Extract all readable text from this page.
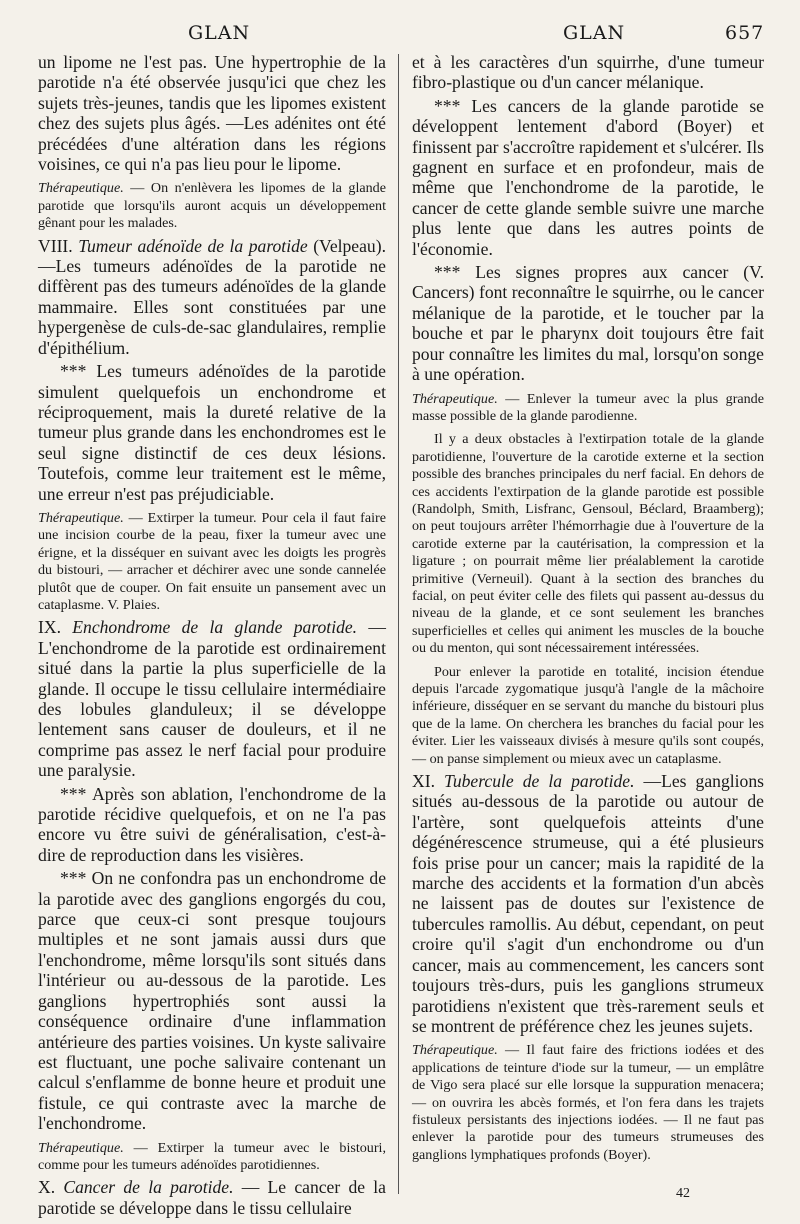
GLAN	GLAN	657

un lipome ne l'est pas. Une hypertrophie de la parotide n'a été observée jusqu'ici que chez les sujets très-jeunes, tandis que les lipomes existent chez des sujets plus âgés. —Les adénites ont été précédées d'une altération dans les régions voisines, ce qui n'a pas lieu pour le lipome.

Thérapeutique. — On n'enlèvera les lipomes de la glande parotide que lorsqu'ils auront acquis un développement gênant pour les malades.

VIII. Tumeur adénoïde de la parotide (Velpeau). —Les tumeurs adénoïdes de la parotide ne diffèrent pas des tumeurs adénoïdes de la glande mammaire. Elles sont constituées par une hypergenèse de culs-de-sac glandulaires, remplie d'épithélium.

*** Les tumeurs adénoïdes de la parotide simulent quelquefois un enchondrome et réciproquement, mais la dureté relative de la tumeur plus grande dans les enchondromes est le seul signe distinctif de ces deux lésions. Toutefois, comme leur traitement est le même, une erreur n'est pas préjudiciable.

Thérapeutique. — Extirper la tumeur. Pour cela il faut faire une incision courbe de la peau, fixer la tumeur avec une érigne, et la disséquer en suivant avec les doigts les progrès du bistouri, — arracher et déchirer avec une sonde cannelée plutôt que de couper. On fait ensuite un pansement avec un cataplasme. V. Plaies.

IX. Enchondrome de la glande parotide. — L'enchondrome de la parotide est ordinairement situé dans la partie la plus superficielle de la glande. Il occupe le tissu cellulaire intermédiaire des lobules glanduleux; il se développe lentement sans causer de douleurs, et il ne comprime pas assez le nerf facial pour produire une paralysie.

*** Après son ablation, l'enchondrome de la parotide récidive quelquefois, et on ne l'a pas encore vu être suivi de généralisation, c'est-à-dire de reproduction dans les visières.

*** On ne confondra pas un enchondrome de la parotide avec des ganglions engorgés du cou, parce que ceux-ci sont presque toujours multiples et ne sont jamais aussi durs que l'enchondrome, même lorsqu'ils sont situés dans l'intérieur ou au-dessous de la parotide. Les ganglions hypertrophiés sont aussi la conséquence ordinaire d'une inflammation antérieure des parties voisines. Un kyste salivaire est fluctuant, une poche salivaire contenant un calcul s'enflamme de bonne heure et produit une fistule, ce qui contraste avec la marche de l'enchondrome.

Thérapeutique. — Extirper la tumeur avec le bistouri, comme pour les tumeurs adénoïdes parotidiennes.

X. Cancer de la parotide. — Le cancer de la parotide se développe dans le tissu cellulaire

et à les caractères d'un squirrhe, d'une tumeur fibro-plastique ou d'un cancer mélanique.

*** Les cancers de la glande parotide se développent lentement d'abord (Boyer) et finissent par s'accroître rapidement et s'ulcérer. Ils gagnent en surface et en profondeur, mais de même que l'enchondrome de la parotide, le cancer de cette glande semble suivre une marche plus lente que dans les autres points de l'économie.

*** Les signes propres aux cancer (V. Cancers) font reconnaître le squirrhe, ou le cancer mélanique de la parotide, et le toucher par la bouche et par le pharynx doit toujours être fait pour connaître les limites du mal, lorsqu'on songe à une opération.

Thérapeutique. — Enlever la tumeur avec la plus grande masse possible de la glande parodienne.

Il y a deux obstacles à l'extirpation totale de la glande parotidienne, l'ouverture de la carotide externe et la section possible des branches principales du nerf facial. En dehors de ces accidents l'extirpation de la glande parotide est possible (Randolph, Smith, Lisfranc, Gensoul, Béclard, Braamberg); on peut toujours arrêter l'hémorrhagie due à l'ouverture de la carotide externe par la cautérisation, la compression et la ligature ; on pourrait même lier préalablement la carotide primitive (Verneuil). Quant à la section des branches du facial, on peut éviter celle des filets qui passent au-dessus du niveau de la glande, et ce sont seulement les branches superficielles et celles qui animent les muscles de la bouche ou du menton, qui sont nécessairement intéressées.

Pour enlever la parotide en totalité, incision étendue depuis l'arcade zygomatique jusqu'à l'angle de la mâchoire inférieure, disséquer en se servant du manche du bistouri plus que de la lame. On cherchera les branches du facial pour les éviter. Lier les vaisseaux divisés à mesure qu'ils sont coupés, — on panse simplement ou mieux avec un cataplasme.

XI. Tubercule de la parotide. —Les ganglions situés au-dessous de la parotide ou autour de l'artère, sont quelquefois atteints d'une dégénérescence strumeuse, qui a été plusieurs fois prise pour un cancer; mais la rapidité de la marche des accidents et la formation d'un abcès ne laissent pas de doutes sur l'existence de tubercules ramollis. Au début, cependant, on peut croire qu'il s'agit d'un enchondrome ou d'un cancer, mais au commencement, les cancers sont toujours très-durs, puis les ganglions strumeux parotidiens n'existent que très-rarement seuls et se montrent de préférence chez les jeunes sujets.

Thérapeutique. — Il faut faire des frictions iodées et des applications de teinture d'iode sur la tumeur, — un emplâtre de Vigo sera placé sur elle lorsque la suppuration menacera; — on ouvrira les abcès formés, et l'on fera dans les trajets fistuleux persistants des injections iodées. — Il ne faut pas enlever la parotide pour des tumeurs strumeuses des ganglions lymphatiques profonds (Boyer).

42
